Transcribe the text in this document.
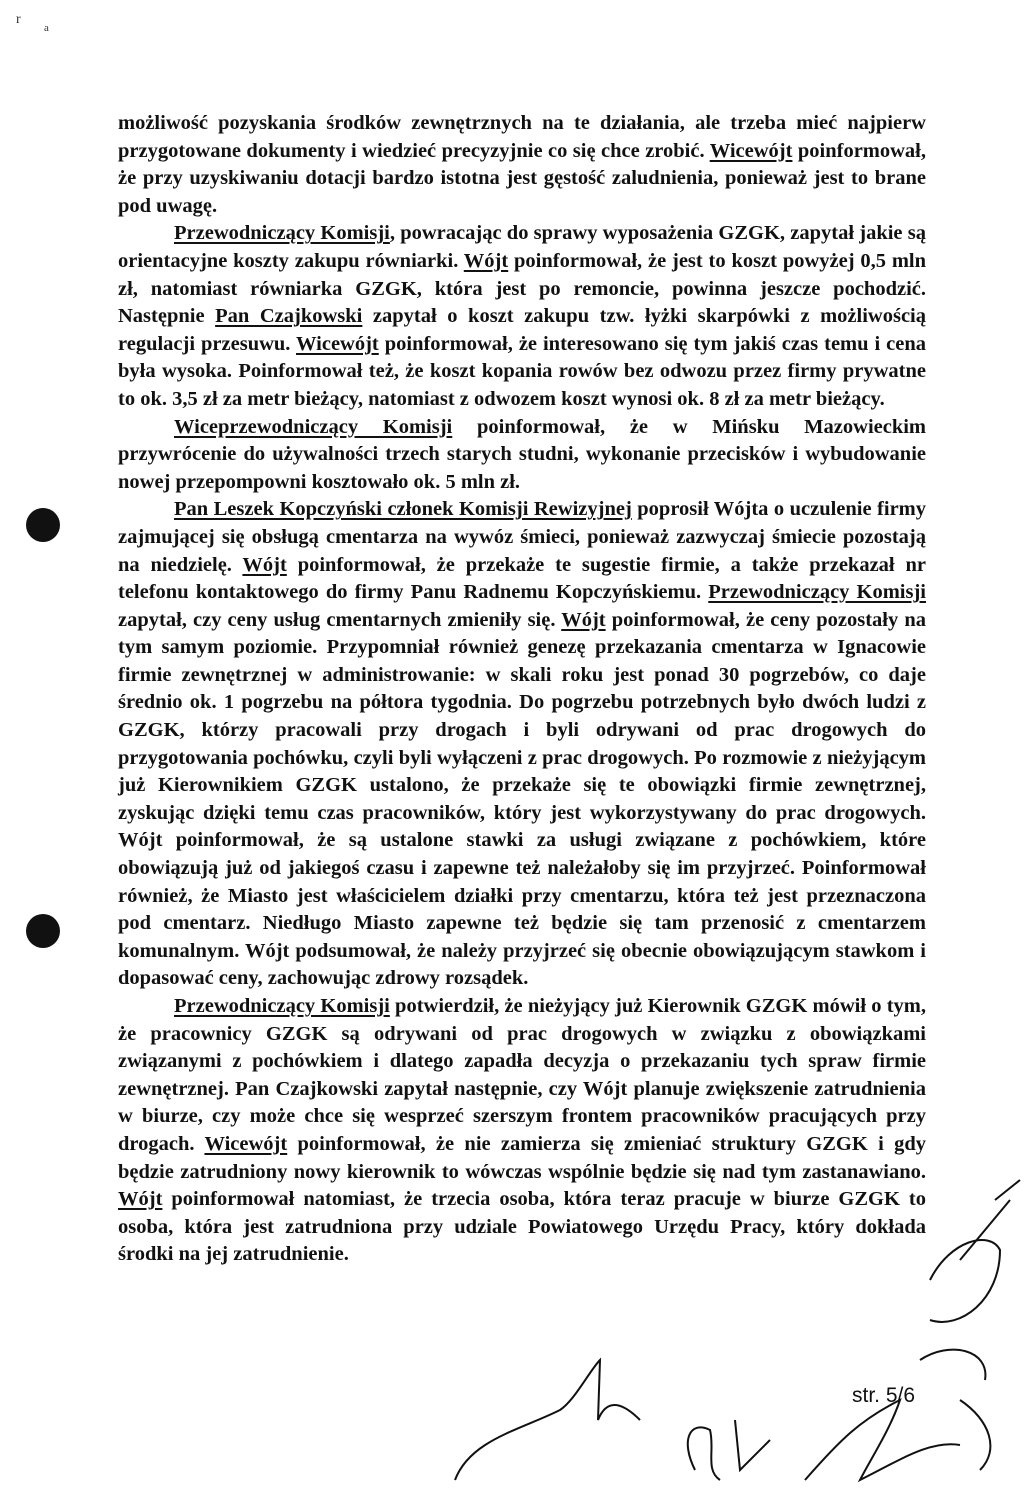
r
a

możliwość pozyskania środków zewnętrznych na te działania, ale trzeba mieć najpierw przygotowane dokumenty i wiedzieć precyzyjnie co się chce zrobić. Wicewójt poinformował, że przy uzyskiwaniu dotacji bardzo istotna jest gęstość zaludnienia, ponieważ jest to brane pod uwagę.

Przewodniczący Komisji, powracając do sprawy wyposażenia GZGK, zapytał jakie są orientacyjne koszty zakupu równiarki. Wójt poinformował, że jest to koszt powyżej 0,5 mln zł, natomiast równiarka GZGK, która jest po remoncie, powinna jeszcze pochodzić. Następnie Pan Czajkowski zapytał o koszt zakupu tzw. łyżki skarpówki z możliwością regulacji przesuwu. Wicewójt poinformował, że interesowano się tym jakiś czas temu i cena była wysoka. Poinformował też, że koszt kopania rowów bez odwozu przez firmy prywatne to ok. 3,5 zł za metr bieżący, natomiast z odwozem koszt wynosi ok. 8 zł za metr bieżący.

Wiceprzewodniczący Komisji poinformował, że w Mińsku Mazowieckim przywrócenie do używalności trzech starych studni, wykonanie przecisków i wybudowanie nowej przepompowni kosztowało ok. 5 mln zł.

Pan Leszek Kopczyński członek Komisji Rewizyjnej poprosił Wójta o uczulenie firmy zajmującej się obsługą cmentarza na wywóz śmieci, ponieważ zazwyczaj śmiecie pozostają na niedzielę. Wójt poinformował, że przekaże te sugestie firmie, a także przekazał nr telefonu kontaktowego do firmy Panu Radnemu Kopczyńskiemu. Przewodniczący Komisji zapytał, czy ceny usług cmentarnych zmieniły się. Wójt poinformował, że ceny pozostały na tym samym poziomie. Przypomniał również genezę przekazania cmentarza w Ignacowie firmie zewnętrznej w administrowanie: w skali roku jest ponad 30 pogrzebów, co daje średnio ok. 1 pogrzebu na półtora tygodnia. Do pogrzebu potrzebnych było dwóch ludzi z GZGK, którzy pracowali przy drogach i byli odrywani od prac drogowych do przygotowania pochówku, czyli byli wyłączeni z prac drogowych. Po rozmowie z nieżyjącym już Kierownikiem GZGK ustalono, że przekaże się te obowiązki firmie zewnętrznej, zyskując dzięki temu czas pracowników, który jest wykorzystywany do prac drogowych. Wójt poinformował, że są ustalone stawki za usługi związane z pochówkiem, które obowiązują już od jakiegoś czasu i zapewne też należałoby się im przyjrzeć. Poinformował również, że Miasto jest właścicielem działki przy cmentarzu, która też jest przeznaczona pod cmentarz. Niedługo Miasto zapewne też będzie się tam przenosić z cmentarzem komunalnym. Wójt podsumował, że należy przyjrzeć się obecnie obowiązującym stawkom i dopasować ceny, zachowując zdrowy rozsądek.

Przewodniczący Komisji potwierdził, że nieżyjący już Kierownik GZGK mówił o tym, że pracownicy GZGK są odrywani od prac drogowych w związku z obowiązkami związanymi z pochówkiem i dlatego zapadła decyzja o przekazaniu tych spraw firmie zewnętrznej. Pan Czajkowski zapytał następnie, czy Wójt planuje zwiększenie zatrudnienia w biurze, czy może chce się wesprzeć szerszym frontem pracowników pracujących przy drogach. Wicewójt poinformował, że nie zamierza się zmieniać struktury GZGK i gdy będzie zatrudniony nowy kierownik to wówczas wspólnie będzie się nad tym zastanawiano. Wójt poinformował natomiast, że trzecia osoba, która teraz pracuje w biurze GZGK to osoba, która jest zatrudniona przy udziale Powiatowego Urzędu Pracy, który dokłada środki na jej zatrudnienie.

str. 5/6
